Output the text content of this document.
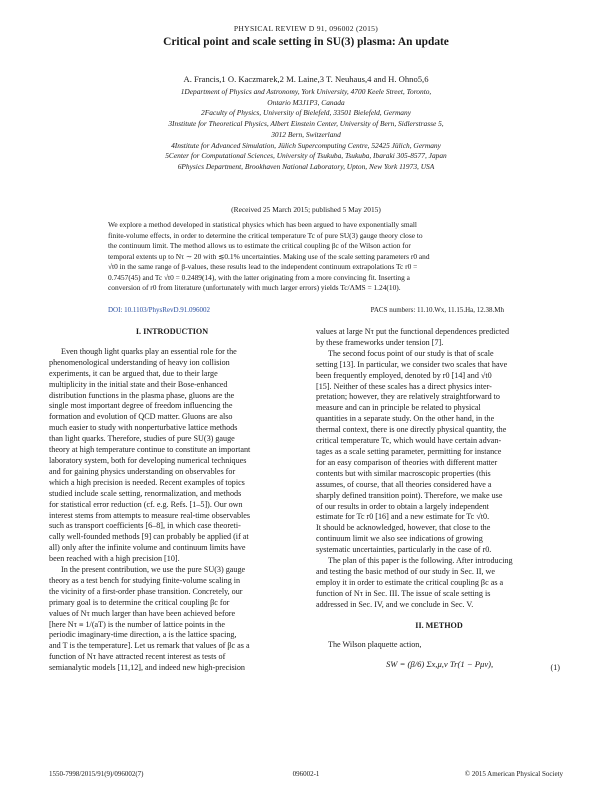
PHYSICAL REVIEW D 91, 096002 (2015)
Critical point and scale setting in SU(3) plasma: An update
A. Francis,1 O. Kaczmarek,2 M. Laine,3 T. Neuhaus,4 and H. Ohno5,6
1Department of Physics and Astronomy, York University, 4700 Keele Street, Toronto,
Ontario M3J1P3, Canada
2Faculty of Physics, University of Bielefeld, 33501 Bielefeld, Germany
3Institute for Theoretical Physics, Albert Einstein Center, University of Bern, Sidlerstrasse 5,
3012 Bern, Switzerland
4Institute for Advanced Simulation, Jülich Supercomputing Centre, 52425 Jülich, Germany
5Center for Computational Sciences, University of Tsukuba, Tsukuba, Ibaraki 305-8577, Japan
6Physics Department, Brookhaven National Laboratory, Upton, New York 11973, USA
(Received 25 March 2015; published 5 May 2015)
We explore a method developed in statistical physics which has been argued to have exponentially small
finite-volume effects, in order to determine the critical temperature Tc of pure SU(3) gauge theory close to
the continuum limit. The method allows us to estimate the critical coupling βc of the Wilson action for
temporal extents up to Nτ ∼ 20 with ≲0.1% uncertainties. Making use of the scale setting parameters r0 and
√t0 in the same range of β-values, these results lead to the independent continuum extrapolations Tc r0 =
0.7457(45) and Tc √t0 = 0.2489(14), with the latter originating from a more convincing fit. Inserting a
conversion of r0 from literature (unfortunately with much larger errors) yields Tc/ΛMS = 1.24(10).
DOI: 10.1103/PhysRevD.91.096002	PACS numbers: 11.10.Wx, 11.15.Ha, 12.38.Mh
I. INTRODUCTION
Even though light quarks play an essential role for the
phenomenological understanding of heavy ion collision
experiments, it can be argued that, due to their large
multiplicity in the initial state and their Bose-enhanced
distribution functions in the plasma phase, gluons are the
single most important degree of freedom influencing the
formation and evolution of QCD matter. Gluons are also
much easier to study with nonperturbative lattice methods
than light quarks. Therefore, studies of pure SU(3) gauge
theory at high temperature continue to constitute an important
laboratory system, both for developing numerical techniques
and for gaining physics understanding on observables for
which a high precision is needed. Recent examples of topics
studied include scale setting, renormalization, and methods
for statistical error reduction (cf. e.g. Refs. [1–5]). Our own
interest stems from attempts to measure real-time observables
such as transport coefficients [6–8], in which case theoreti-
cally well-founded methods [9] can probably be applied (if at
all) only after the infinite volume and continuum limits have
been reached with a high precision [10].
In the present contribution, we use the pure SU(3) gauge
theory as a test bench for studying finite-volume scaling in
the vicinity of a first-order phase transition. Concretely, our
primary goal is to determine the critical coupling βc for
values of Nτ much larger than have been achieved before
[here Nτ ≡ 1/(aT) is the number of lattice points in the
periodic imaginary-time direction, a is the lattice spacing,
and T is the temperature]. Let us remark that values of βc as a
function of Nτ have attracted recent interest as tests of
semianalytic models [11,12], and indeed new high-precision
values at large Nτ put the functional dependences predicted
by these frameworks under tension [7].
The second focus point of our study is that of scale
setting [13]. In particular, we consider two scales that have
been frequently employed, denoted by r0 [14] and √t0
[15]. Neither of these scales has a direct physics inter-
pretation; however, they are relatively straightforward to
measure and can in principle be related to physical
quantities in a separate study. On the other hand, in the
thermal context, there is one directly physical quantity, the
critical temperature Tc, which would have certain advan-
tages as a scale setting parameter, permitting for instance
for an easy comparison of theories with different matter
contents but with similar macroscopic properties (this
assumes, of course, that all theories considered have a
sharply defined transition point). Therefore, we make use
of our results in order to obtain a largely independent
estimate for Tc r0 [16] and a new estimate for Tc √t0.
It should be acknowledged, however, that close to the
continuum limit we also see indications of growing
systematic uncertainties, particularly in the case of r0.
The plan of this paper is the following. After introducing
and testing the basic method of our study in Sec. II, we
employ it in order to estimate the critical coupling βc as a
function of Nτ in Sec. III. The issue of scale setting is
addressed in Sec. IV, and we conclude in Sec. V.
II. METHOD
The Wilson plaquette action,
SW = (β/6) Σx,μ,ν Tr(1 − Pμν),	(1)
1550-7998/2015/91(9)/096002(7)	096002-1	© 2015 American Physical Society
